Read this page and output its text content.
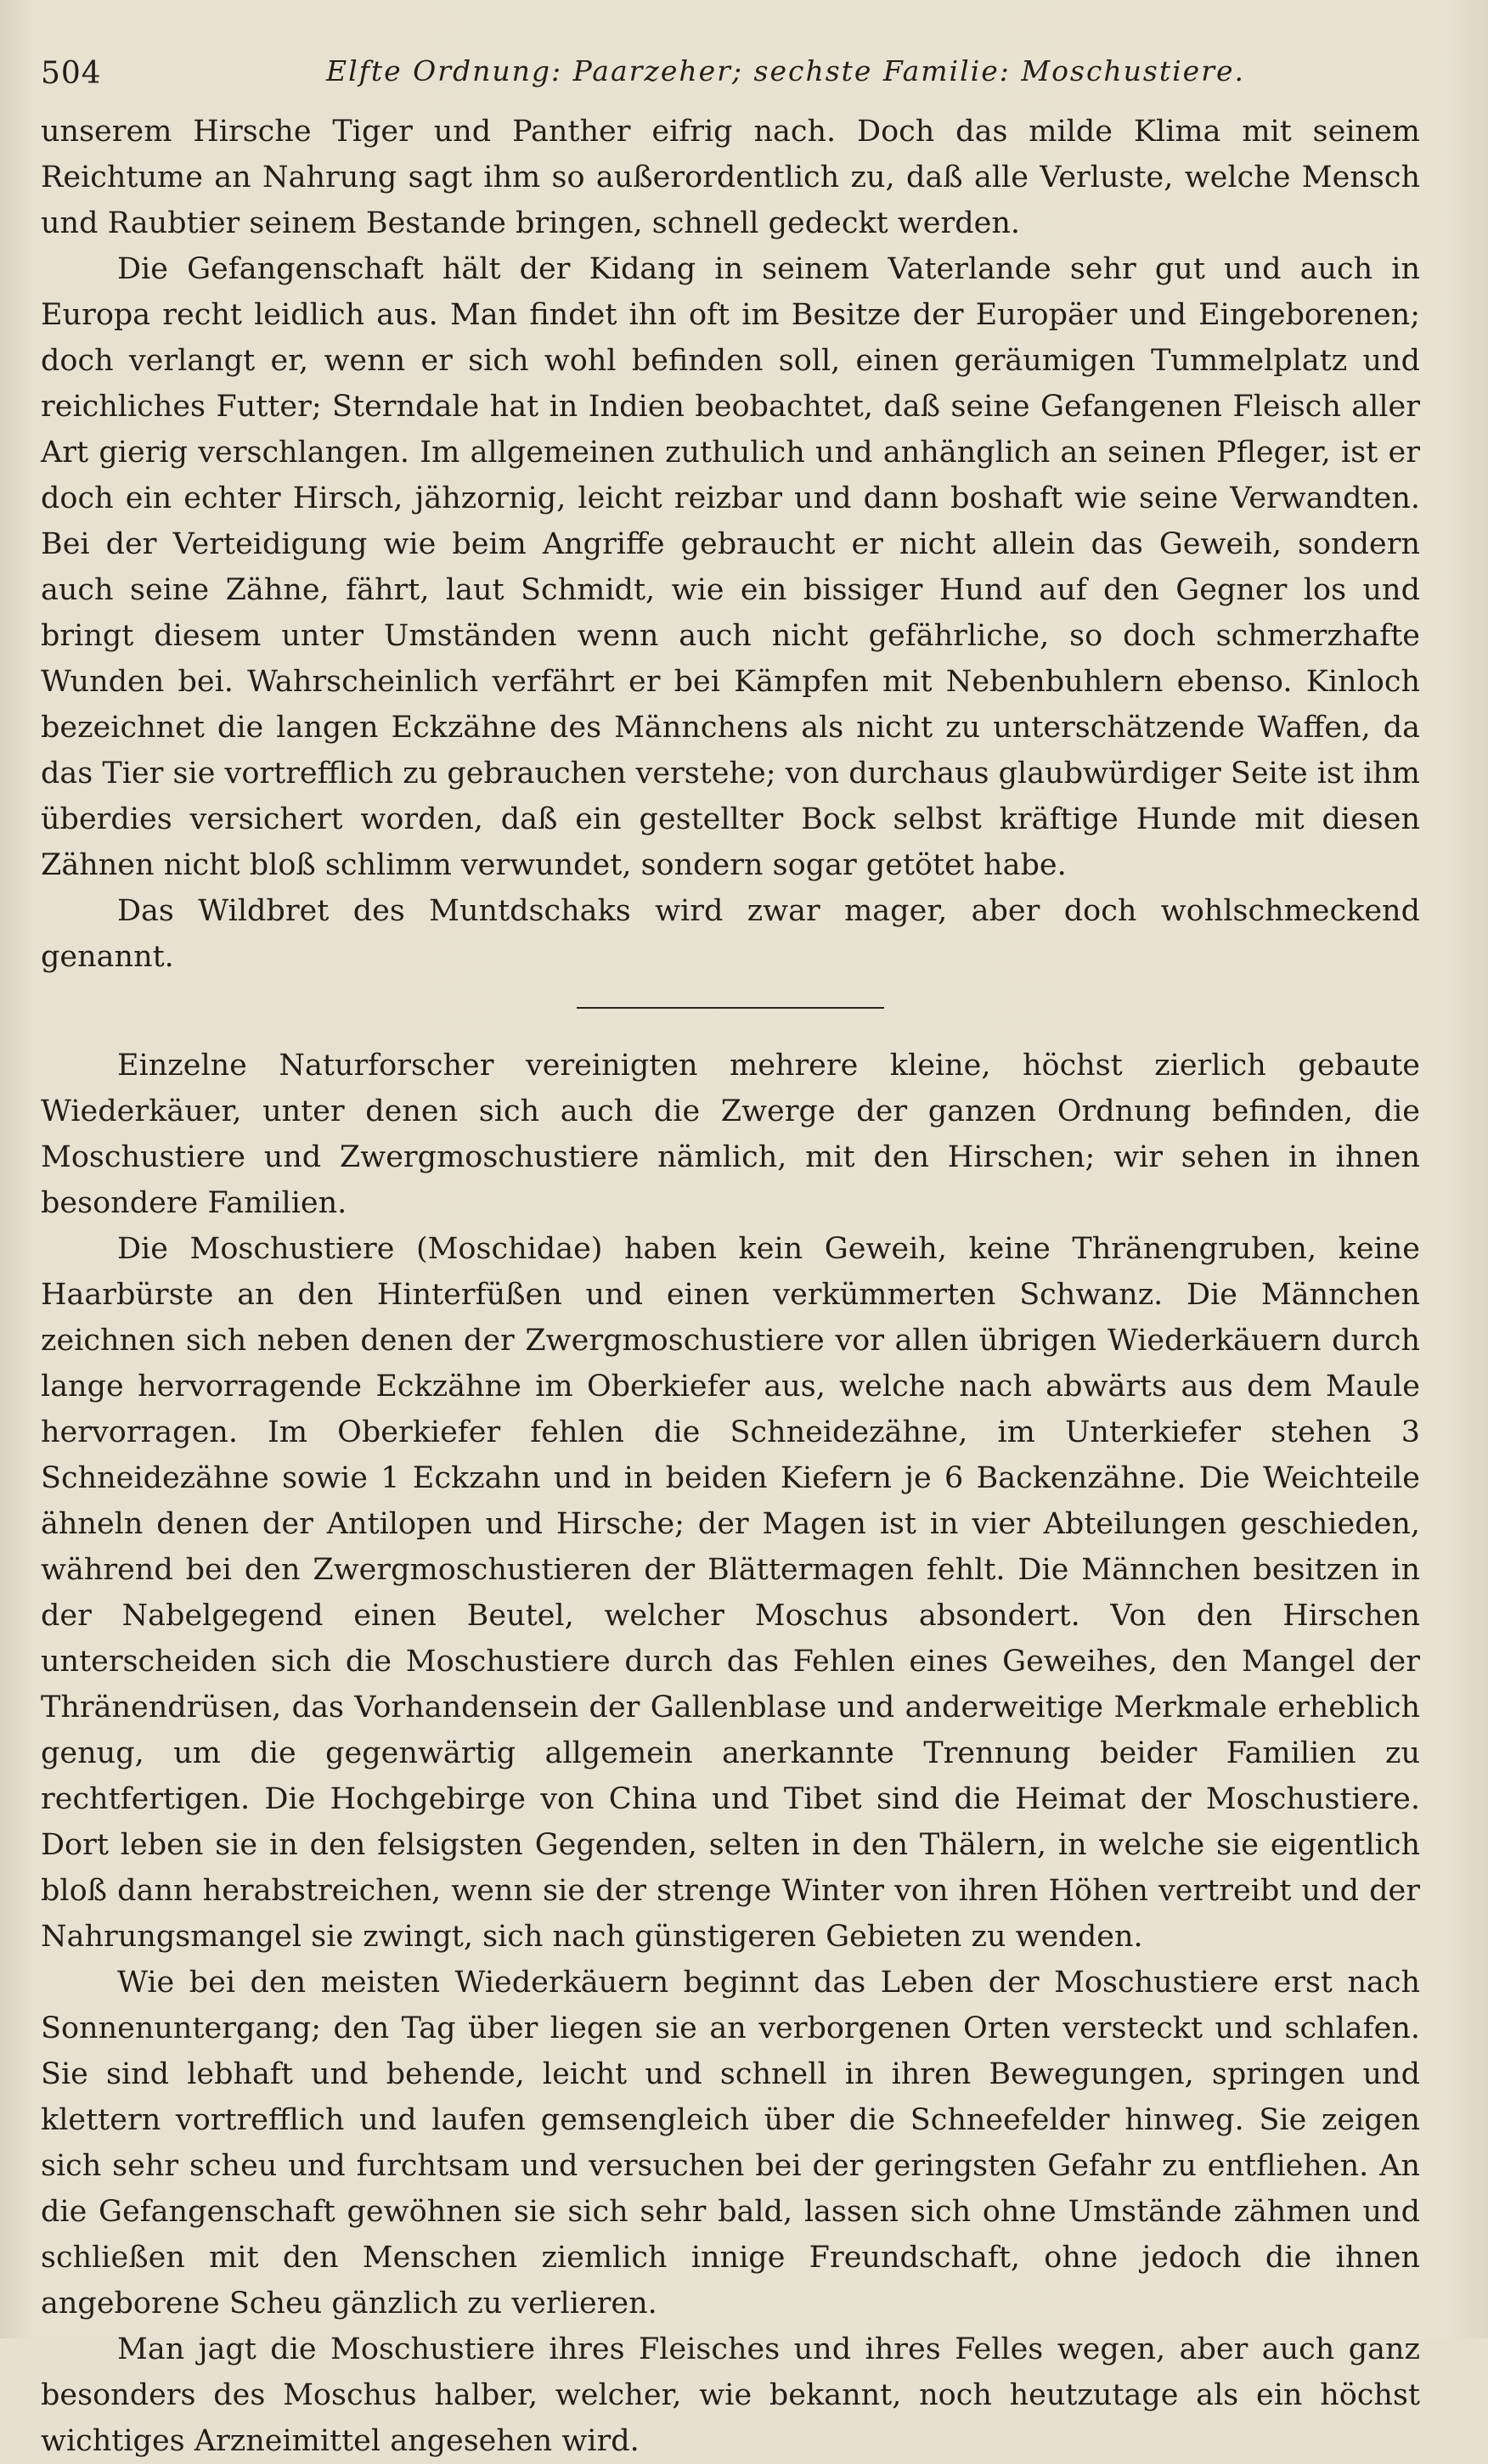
504	Elfte Ordnung: Paarzeher; sechste Familie: Moschustiere.

unserem Hirsche Tiger und Panther eifrig nach. Doch das milde Klima mit seinem Reichtume an Nahrung sagt ihm so außerordentlich zu, daß alle Verluste, welche Mensch und Raubtier seinem Bestande bringen, schnell gedeckt werden.

Die Gefangenschaft hält der Kidang in seinem Vaterlande sehr gut und auch in Europa recht leidlich aus. Man findet ihn oft im Besitze der Europäer und Eingeborenen; doch verlangt er, wenn er sich wohl befinden soll, einen geräumigen Tummelplatz und reichliches Futter; Sterndale hat in Indien beobachtet, daß seine Gefangenen Fleisch aller Art gierig verschlangen. Im allgemeinen zuthulich und anhänglich an seinen Pfleger, ist er doch ein echter Hirsch, jähzornig, leicht reizbar und dann boshaft wie seine Verwandten. Bei der Verteidigung wie beim Angriffe gebraucht er nicht allein das Geweih, sondern auch seine Zähne, fährt, laut Schmidt, wie ein bissiger Hund auf den Gegner los und bringt diesem unter Umständen wenn auch nicht gefährliche, so doch schmerzhafte Wunden bei. Wahrscheinlich verfährt er bei Kämpfen mit Nebenbuhlern ebenso. Kinloch bezeichnet die langen Eckzähne des Männchens als nicht zu unterschätzende Waffen, da das Tier sie vortrefflich zu gebrauchen verstehe; von durchaus glaubwürdiger Seite ist ihm überdies versichert worden, daß ein gestellter Bock selbst kräftige Hunde mit diesen Zähnen nicht bloß schlimm verwundet, sondern sogar getötet habe.

Das Wildbret des Muntdschaks wird zwar mager, aber doch wohlschmeckend genannt.

Einzelne Naturforscher vereinigten mehrere kleine, höchst zierlich gebaute Wiederkäuer, unter denen sich auch die Zwerge der ganzen Ordnung befinden, die Moschustiere und Zwergmoschustiere nämlich, mit den Hirschen; wir sehen in ihnen besondere Familien.

Die Moschustiere (Moschidae) haben kein Geweih, keine Thränengruben, keine Haarbürste an den Hinterfüßen und einen verkümmerten Schwanz. Die Männchen zeichnen sich neben denen der Zwergmoschustiere vor allen übrigen Wiederkäuern durch lange hervorragende Eckzähne im Oberkiefer aus, welche nach abwärts aus dem Maule hervorragen. Im Oberkiefer fehlen die Schneidezähne, im Unterkiefer stehen 3 Schneidezähne sowie 1 Eckzahn und in beiden Kiefern je 6 Backenzähne. Die Weichteile ähneln denen der Antilopen und Hirsche; der Magen ist in vier Abteilungen geschieden, während bei den Zwergmoschustieren der Blättermagen fehlt. Die Männchen besitzen in der Nabelgegend einen Beutel, welcher Moschus absondert. Von den Hirschen unterscheiden sich die Moschustiere durch das Fehlen eines Geweihes, den Mangel der Thränendrüsen, das Vorhandensein der Gallenblase und anderweitige Merkmale erheblich genug, um die gegenwärtig allgemein anerkannte Trennung beider Familien zu rechtfertigen. Die Hochgebirge von China und Tibet sind die Heimat der Moschustiere. Dort leben sie in den felsigsten Gegenden, selten in den Thälern, in welche sie eigentlich bloß dann herabstreichen, wenn sie der strenge Winter von ihren Höhen vertreibt und der Nahrungsmangel sie zwingt, sich nach günstigeren Gebieten zu wenden.

Wie bei den meisten Wiederkäuern beginnt das Leben der Moschustiere erst nach Sonnenuntergang; den Tag über liegen sie an verborgenen Orten versteckt und schlafen. Sie sind lebhaft und behende, leicht und schnell in ihren Bewegungen, springen und klettern vortrefflich und laufen gemsengleich über die Schneefelder hinweg. Sie zeigen sich sehr scheu und furchtsam und versuchen bei der geringsten Gefahr zu entfliehen. An die Gefangenschaft gewöhnen sie sich sehr bald, lassen sich ohne Umstände zähmen und schließen mit den Menschen ziemlich innige Freundschaft, ohne jedoch die ihnen angeborene Scheu gänzlich zu verlieren.

Man jagt die Moschustiere ihres Fleisches und ihres Felles wegen, aber auch ganz besonders des Moschus halber, welcher, wie bekannt, noch heutzutage als ein höchst wichtiges Arzneimittel angesehen wird.
